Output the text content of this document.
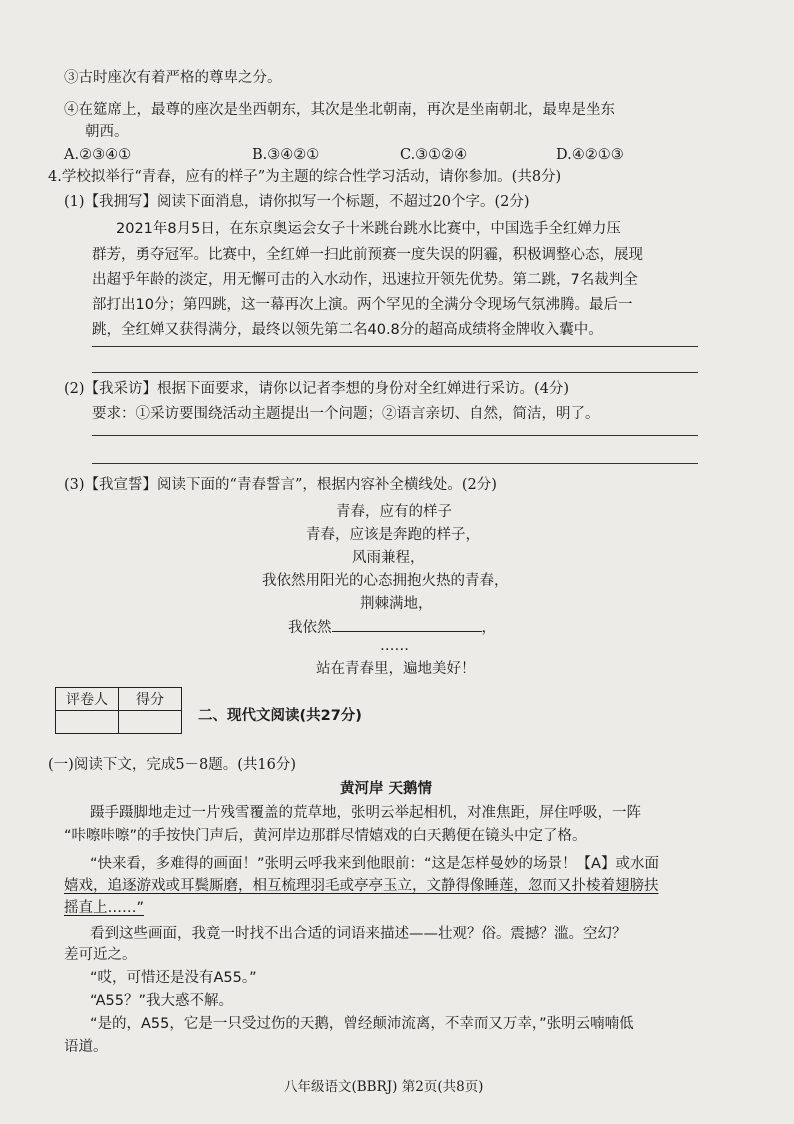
③古时座次有着严格的尊卑之分。
④在筵席上，最尊的座次是坐西朝东，其次是坐北朝南，再次是坐南朝北，最卑是坐东
朝西。
A.②③④①	B.③④②①	C.③①②④	D.④②①③
4.学校拟举行“青春，应有的样子”为主题的综合性学习活动，请你参加。(共8分)
(1)【我拥写】阅读下面消息，请你拟写一个标题，不超过20个字。(2分)
2021年8月5日，在东京奥运会女子十米跳台跳水比赛中，中国选手全红婵力压
群芳，勇夺冠军。比赛中，全红婵一扫此前预赛一度失误的阴霾，积极调整心态，展现
出超乎年龄的淡定，用无懈可击的入水动作，迅速拉开领先优势。第二跳，7名裁判全
部打出10分；第四跳，这一幕再次上演。两个罕见的全满分令现场气氛沸腾。最后一
跳，全红婵又获得满分，最终以领先第二名40.8分的超高成绩将金牌收入囊中。
(2)【我采访】根据下面要求，请你以记者李想的身份对全红婵进行采访。(4分)
要求：①采访要围绕活动主题提出一个问题；②语言亲切、自然，简洁，明了。
(3)【我宣誓】阅读下面的“青春誓言”，根据内容补全横线处。(2分)
青春，应有的样子
青春，应该是奔跑的样子，
风雨兼程，
我依然用阳光的心态拥抱火热的青春，
荆棘满地，
我依然	，
……
站在青春里，遍地美好！
评卷人	得分

二、现代文阅读(共27分)
(一)阅读下文，完成5－8题。(共16分)
黄河岸 天鹅情
蹑手蹑脚地走过一片残雪覆盖的荒草地，张明云举起相机，对准焦距，屏住呼吸，一阵
“咔嚓咔嚓”的手按快门声后，黄河岸边那群尽情嬉戏的白天鹅便在镜头中定了格。
“快来看，多难得的画面！”张明云呼我来到他眼前：“这是怎样曼妙的场景！【A】或水面
嬉戏，追逐游戏或耳鬓厮磨，相互梳理羽毛或亭亭玉立，文静得像睡莲，忽而又扑棱着翅膀扶
摇直上……”
看到这些画面，我竟一时找不出合适的词语来描述——壮观？俗。震撼？滥。空幻？
差可近之。
“哎，可惜还是没有A55。”
“A55？”我大惑不解。
“是的，A55，它是一只受过伤的天鹅，曾经颠沛流离，不幸而又万幸，”张明云喃喃低
语道。
八年级语文(BBRJ) 第2页(共8页)
